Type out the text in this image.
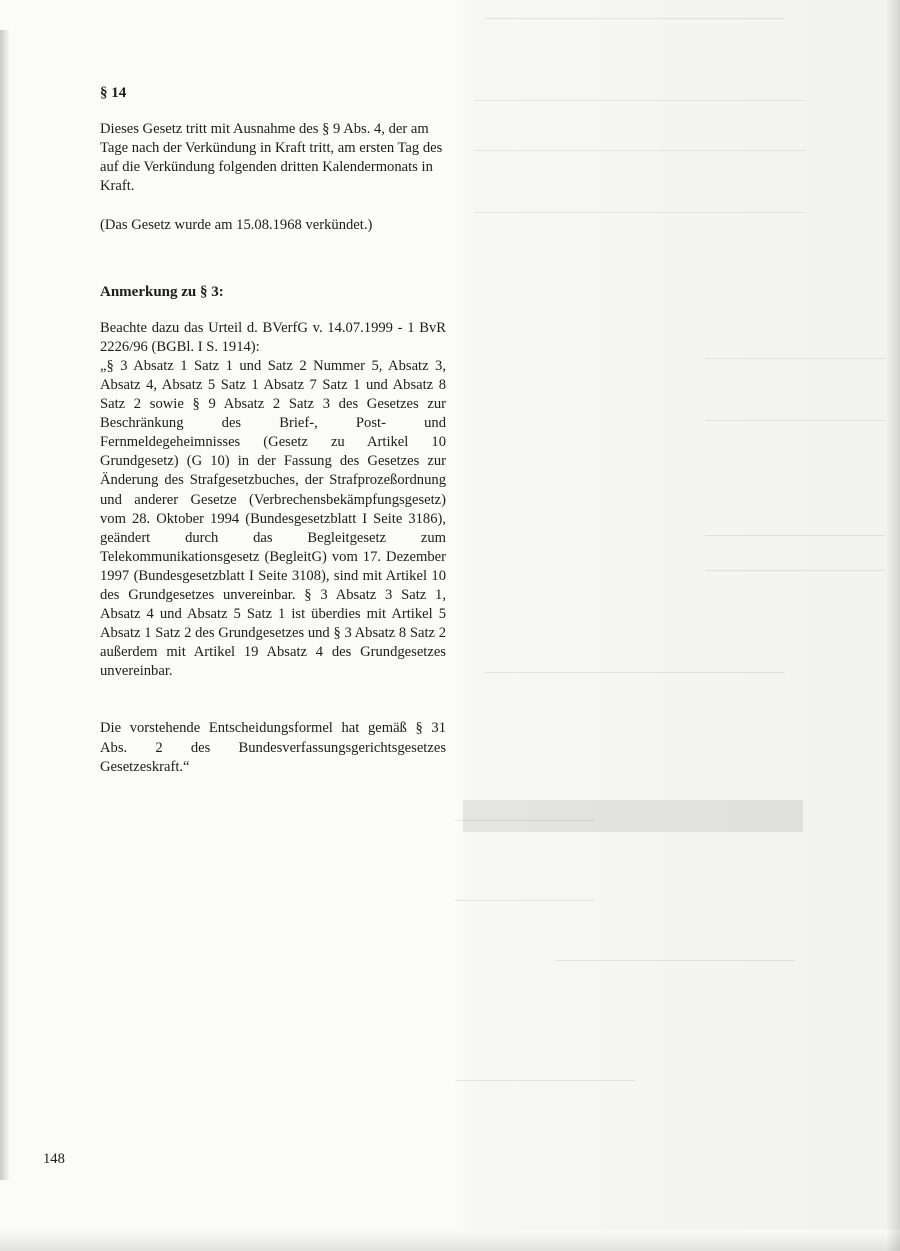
§ 14

Dieses Gesetz tritt mit Ausnahme des § 9 Abs. 4, der am Tage nach der Verkündung in Kraft tritt, am ersten Tag des auf die Verkündung folgenden dritten Kalendermonats in Kraft.

(Das Gesetz wurde am 15.08.1968 verkündet.)

Anmerkung zu § 3:

Beachte dazu das Urteil d. BVerfG v. 14.07.1999 - 1 BvR 2226/96 (BGBl. I S. 1914):

„§ 3 Absatz 1 Satz 1 und Satz 2 Nummer 5, Absatz 3, Absatz 4, Absatz 5 Satz 1 Absatz 7 Satz 1 und Absatz 8 Satz 2 sowie § 9 Absatz 2 Satz 3 des Gesetzes zur Beschränkung des Brief-, Post- und Fernmeldegeheimnisses (Gesetz zu Artikel 10 Grundgesetz) (G 10) in der Fassung des Gesetzes zur Änderung des Strafgesetzbuches, der Strafprozeßordnung und anderer Gesetze (Verbrechensbekämpfungsgesetz) vom 28. Oktober 1994 (Bundesgesetzblatt I Seite 3186), geändert durch das Begleitgesetz zum Telekommunikationsgesetz (BegleitG) vom 17. Dezember 1997 (Bundesgesetzblatt I Seite 3108), sind mit Artikel 10 des Grundgesetzes unvereinbar. § 3 Absatz 3 Satz 1, Absatz 4 und Absatz 5 Satz 1 ist überdies mit Artikel 5 Absatz 1 Satz 2 des Grundgesetzes und § 3 Absatz 8 Satz 2 außerdem mit Artikel 19 Absatz 4 des Grundgesetzes unvereinbar.

Die vorstehende Entscheidungsformel hat gemäß § 31 Abs. 2 des Bundesverfassungsgerichtsgesetzes Gesetzeskraft.“

148
